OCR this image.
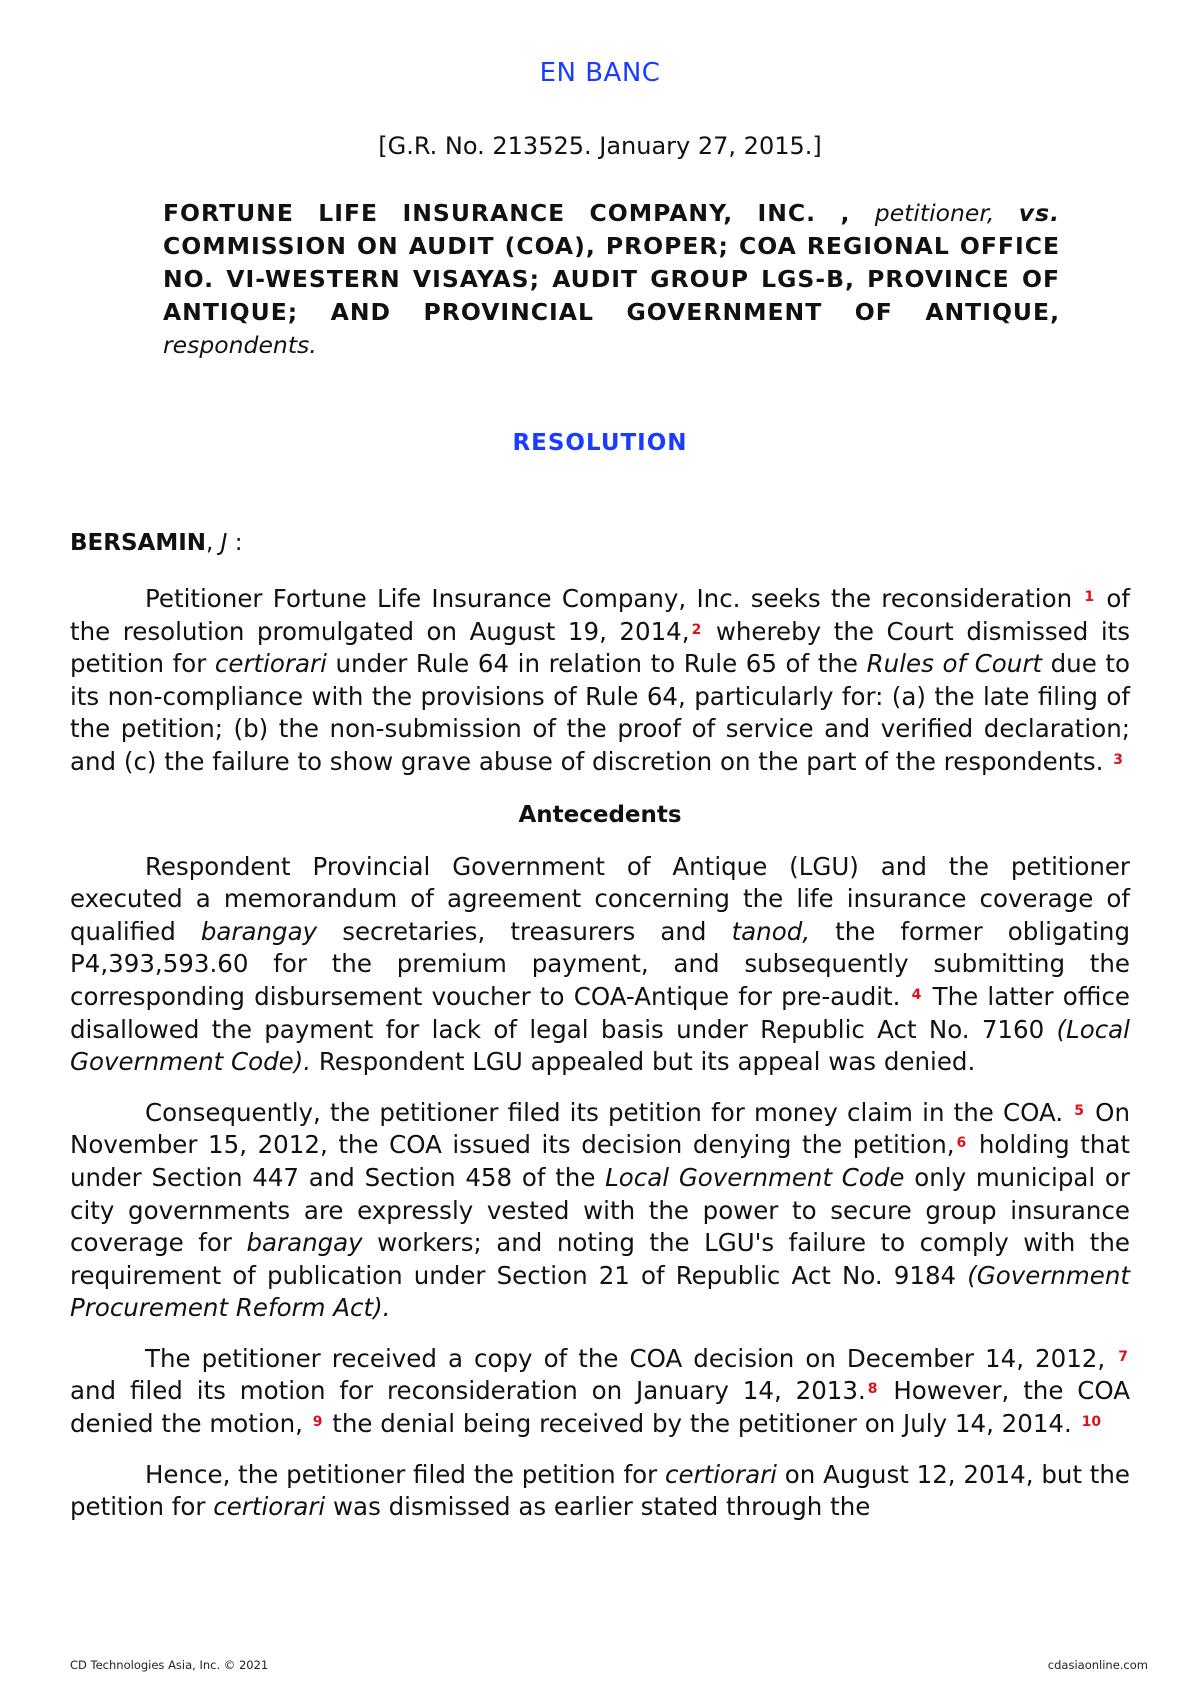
EN BANC
[G.R. No. 213525. January 27, 2015.]
FORTUNE LIFE INSURANCE COMPANY, INC. , petitioner, vs. COMMISSION ON AUDIT (COA), PROPER; COA REGIONAL OFFICE NO. VI-WESTERN VISAYAS; AUDIT GROUP LGS-B, PROVINCE OF ANTIQUE; AND PROVINCIAL GOVERNMENT OF ANTIQUE, respondents.
RESOLUTION
BERSAMIN, J :

Petitioner Fortune Life Insurance Company, Inc. seeks the reconsideration $^1$ of the resolution promulgated on August 19, 2014, $^2$ whereby the Court dismissed its petition for certiorari under Rule 64 in relation to Rule 65 of the Rules of Court due to its non-compliance with the provisions of Rule 64, particularly for: (a) the late filing of the petition; (b) the non-submission of the proof of service and verified declaration; and (c) the failure to show grave abuse of discretion on the part of the respondents. $^3$

Antecedents

Respondent Provincial Government of Antique (LGU) and the petitioner executed a memorandum of agreement concerning the life insurance coverage of qualified barangay secretaries, treasurers and tanod, the former obligating P4,393,593.60 for the premium payment, and subsequently submitting the corresponding disbursement voucher to COA-Antique for pre-audit. $^4$ The latter office disallowed the payment for lack of legal basis under Republic Act No. 7160 (Local Government Code). Respondent LGU appealed but its appeal was denied.

Consequently, the petitioner filed its petition for money claim in the COA. $^5$ On November 15, 2012, the COA issued its decision denying the petition, $^6$ holding that under Section 447 and Section 458 of the Local Government Code only municipal or city governments are expressly vested with the power to secure group insurance coverage for barangay workers; and noting the LGU's failure to comply with the requirement of publication under Section 21 of Republic Act No. 9184 (Government Procurement Reform Act).

The petitioner received a copy of the COA decision on December 14, 2012, $^7$ and filed its motion for reconsideration on January 14, 2013. $^8$ However, the COA denied the motion, $^9$ the denial being received by the petitioner on July 14, 2014. $^{10}$

Hence, the petitioner filed the petition for certiorari on August 12, 2014, but the petition for certiorari was dismissed as earlier stated through the

CD Technologies Asia, Inc. © 2021	cdasiaonline.com
